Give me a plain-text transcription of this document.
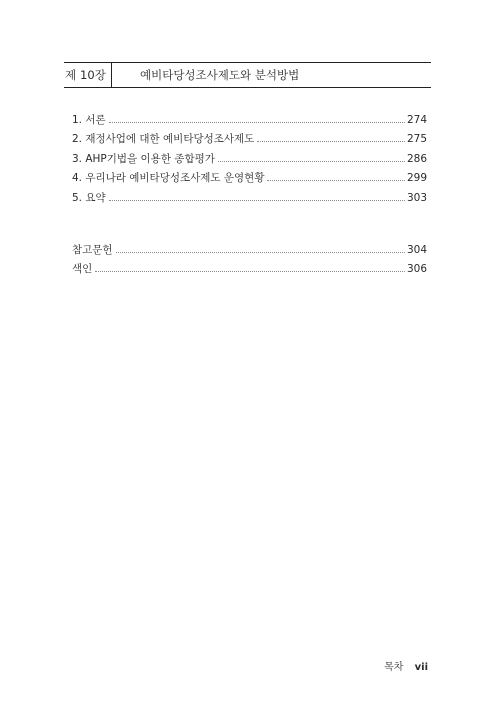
제 10장	예비타당성조사제도와 분석방법
1. 서론	274
2. 재정사업에 대한 예비타당성조사제도	275
3. AHP기법을 이용한 종합평가	286
4. 우리나라 예비타당성조사제도 운영현황	299
5. 요약	303
참고문헌	304
색인	306
목차 vii
